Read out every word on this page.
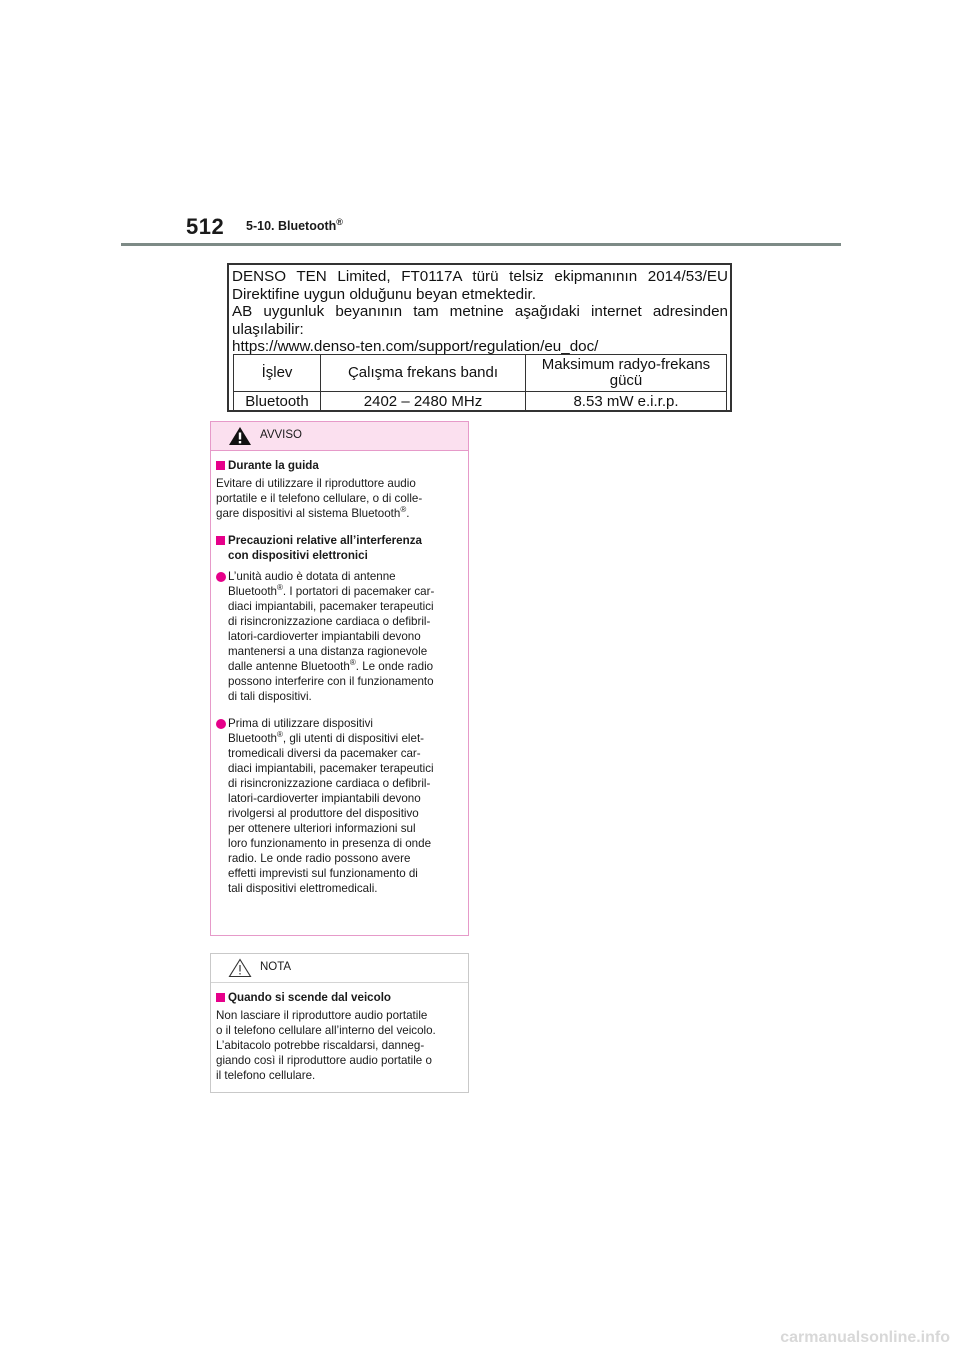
512 5-10. Bluetooth®
DENSO TEN Limited, FT0117A türü telsiz ekipmanının 2014/53/EU
Direktifine uygun olduğunu beyan etmektedir.
AB uygunluk beyanının tam metnine aşağıdaki internet adresinden
ulaşılabilir:
https://www.denso-ten.com/support/regulation/eu_doc/
İşlev	Çalışma frekans bandı	Maksimum radyo-frekans gücü
Bluetooth	2402 – 2480 MHz	8.53 mW e.i.r.p.
AVVISO
Durante la guida

Evitare di utilizzare il riproduttore audio
portatile e il telefono cellulare, o di colle-
gare dispositivi al sistema Bluetooth®.

Precauzioni relative all’interferenza
con dispositivi elettronici
L’unità audio è dotata di antenne
Bluetooth®. I portatori di pacemaker car-
diaci impiantabili, pacemaker terapeutici
di risincronizzazione cardiaca o defibril-
latori-cardioverter impiantabili devono
mantenersi a una distanza ragionevole
dalle antenne Bluetooth®. Le onde radio
possono interferire con il funzionamento
di tali dispositivi.
Prima di utilizzare dispositivi
Bluetooth®, gli utenti di dispositivi elet-
tromedicali diversi da pacemaker car-
diaci impiantabili, pacemaker terapeutici
di risincronizzazione cardiaca o defibril-
latori-cardioverter impiantabili devono
rivolgersi al produttore del dispositivo
per ottenere ulteriori informazioni sul
loro funzionamento in presenza di onde
radio. Le onde radio possono avere
effetti imprevisti sul funzionamento di
tali dispositivi elettromedicali.
NOTA
Quando si scende dal veicolo

Non lasciare il riproduttore audio portatile
o il telefono cellulare all’interno del veicolo.
L’abitacolo potrebbe riscaldarsi, danneg-
giando così il riproduttore audio portatile o
il telefono cellulare.

carmanualsonline.info
